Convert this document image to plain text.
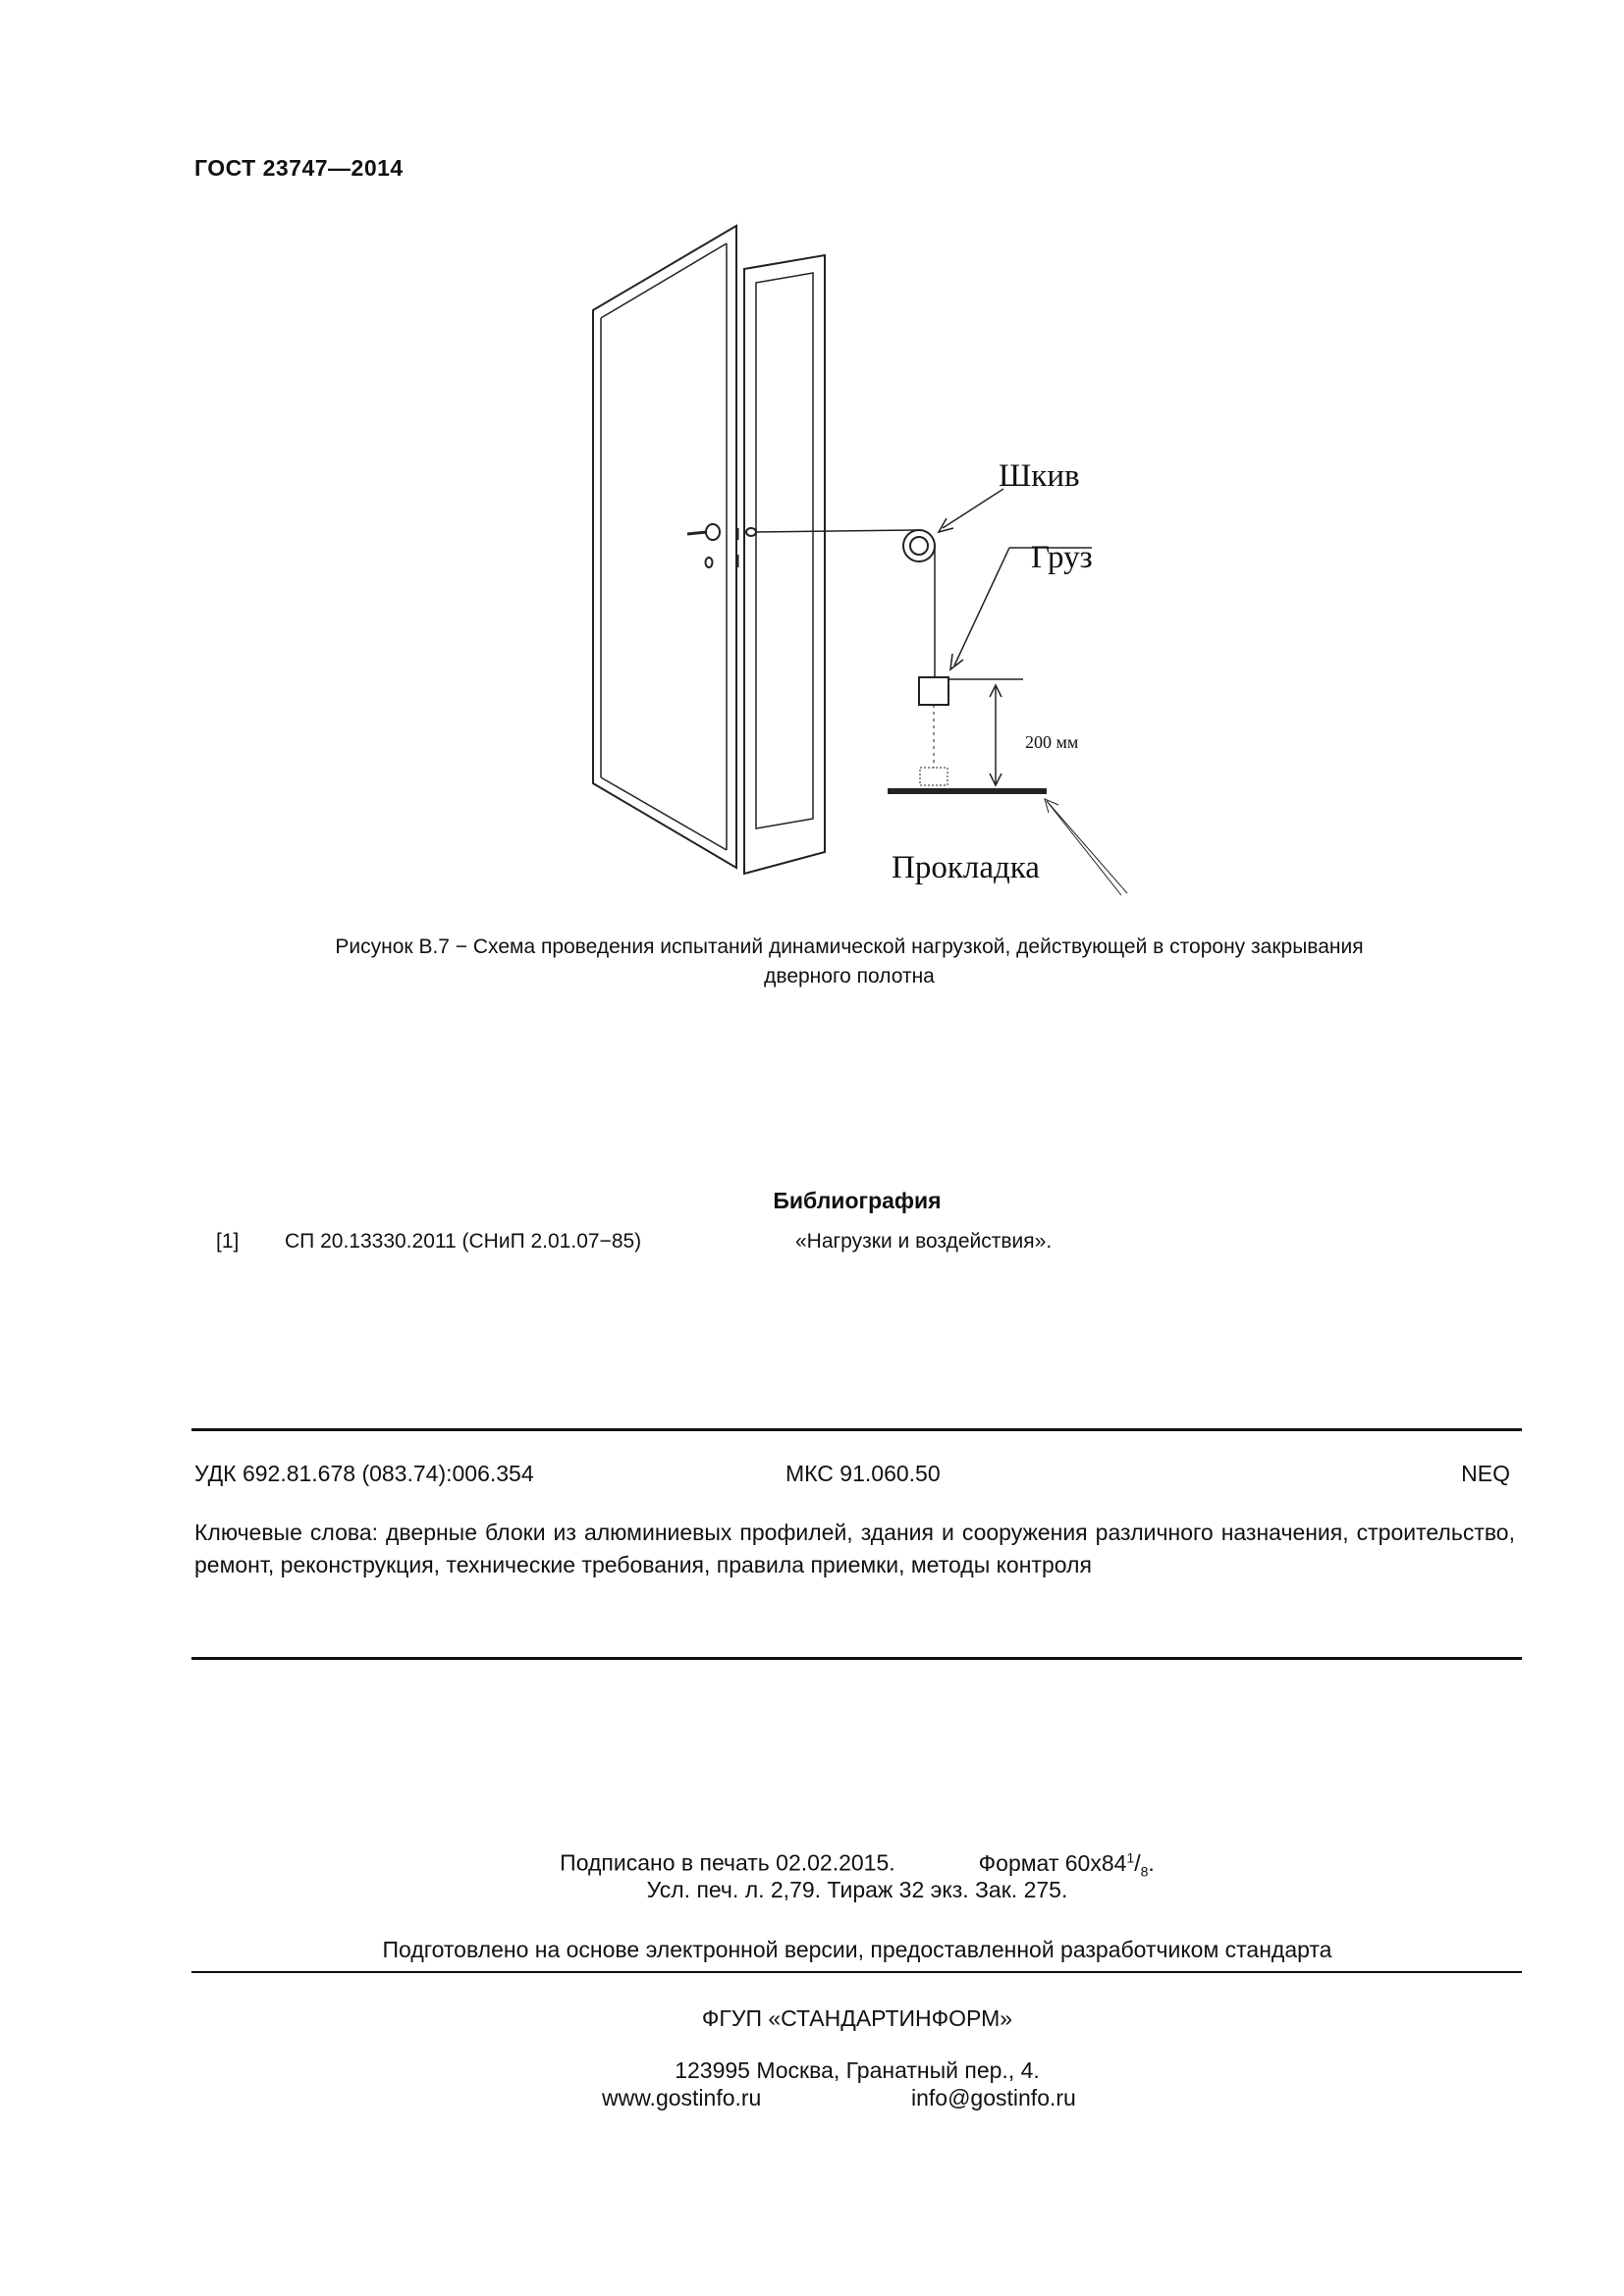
ГОСТ 23747—2014
Шкив
Груз
200 мм
Прокладка
Рисунок В.7 − Схема проведения испытаний динамической нагрузкой, действующей в сторону закрывания
дверного полотна
Библиография
[1] СП 20.13330.2011 (СНиП 2.01.07−85)	«Нагрузки и воздействия».
УДК 692.81.678 (083.74):006.354	МКС 91.060.50	NEQ
Ключевые слова: дверные блоки из алюминиевых профилей, здания и сооружения различного назначения, строительство, ремонт, реконструкция, технические требования, правила приемки, методы контроля
Подписано в печать 02.02.2015.	Формат $60х84^1/_8$.
Усл. печ. л. 2,79. Тираж 32 экз. Зак. 275.
Подготовлено на основе электронной версии, предоставленной разработчиком стандарта
ФГУП «СТАНДАРТИНФОРМ»
123995 Москва, Гранатный пер., 4.
www.gostinfo.ru	info@gostinfo.ru
